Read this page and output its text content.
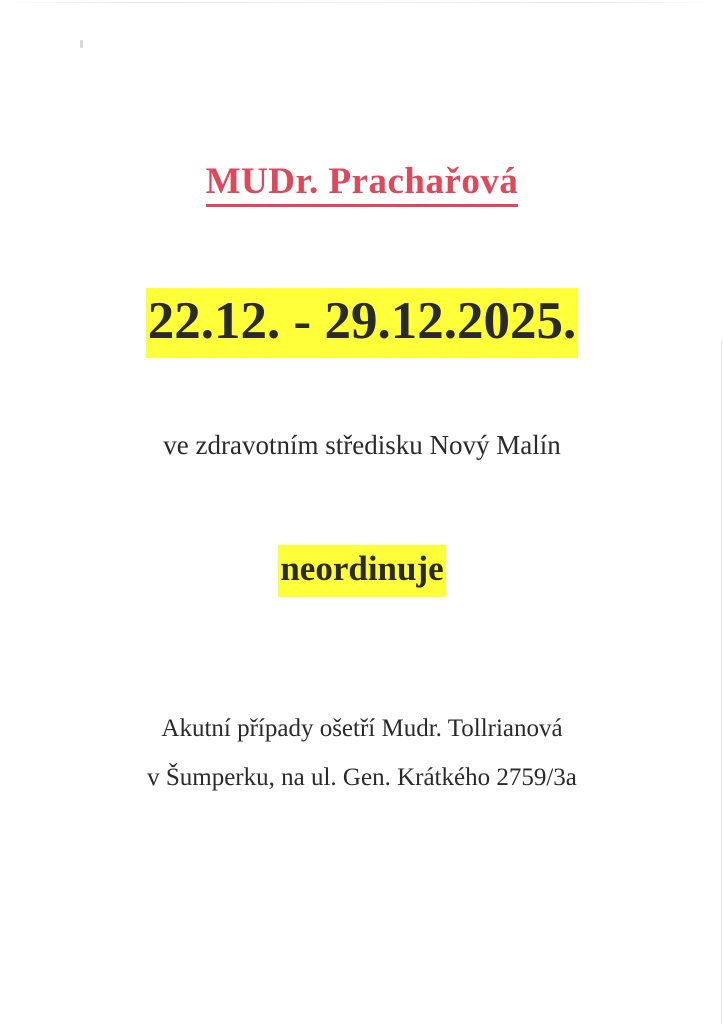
MUDr. Prachařová
22.12. - 29.12.2025.
ve zdravotním středisku Nový Malín
neordinuje
Akutní případy ošetří Mudr. Tollrianová
v Šumperku, na ul. Gen. Krátkého 2759/3a
